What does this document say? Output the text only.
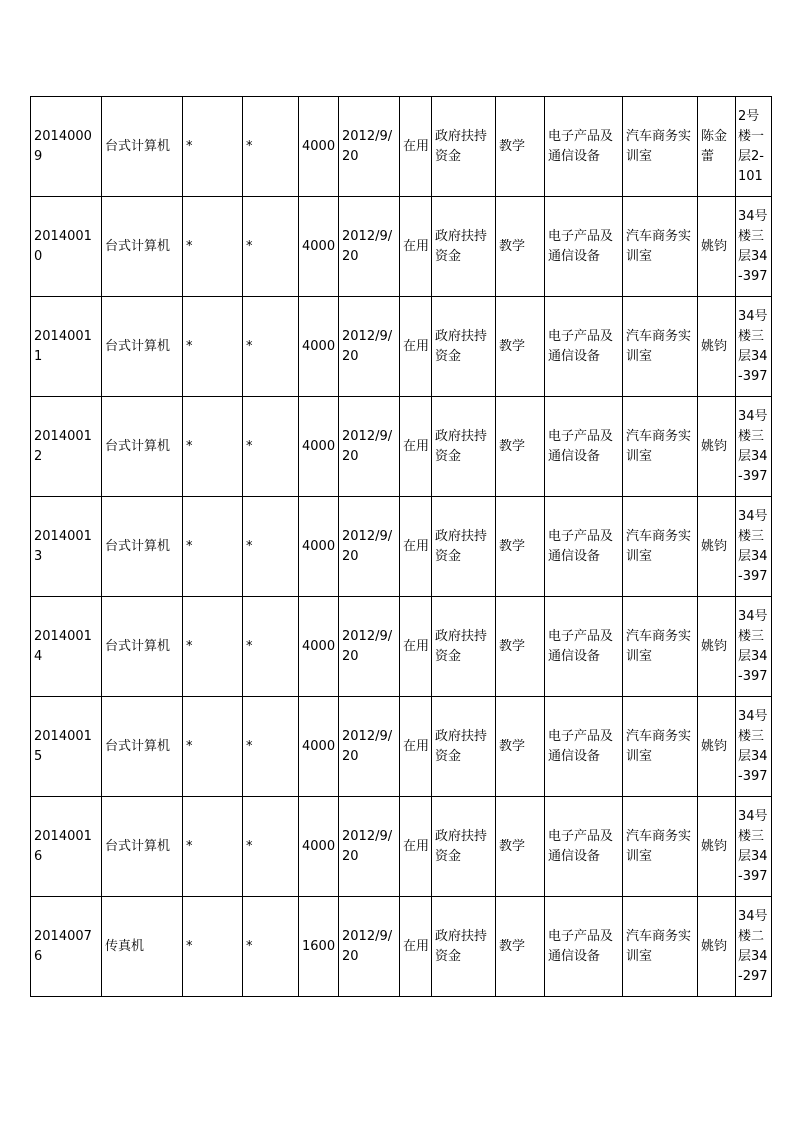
20140009	台式计算机	*	*	4000	2012/9/20	在用	政府扶持资金	教学	电子产品及通信设备	汽车商务实训室	陈金蕾	2号楼一层2-101
20140010	台式计算机	*	*	4000	2012/9/20	在用	政府扶持资金	教学	电子产品及通信设备	汽车商务实训室	姚钧	34号楼三层34-397
20140011	台式计算机	*	*	4000	2012/9/20	在用	政府扶持资金	教学	电子产品及通信设备	汽车商务实训室	姚钧	34号楼三层34-397
20140012	台式计算机	*	*	4000	2012/9/20	在用	政府扶持资金	教学	电子产品及通信设备	汽车商务实训室	姚钧	34号楼三层34-397
20140013	台式计算机	*	*	4000	2012/9/20	在用	政府扶持资金	教学	电子产品及通信设备	汽车商务实训室	姚钧	34号楼三层34-397
20140014	台式计算机	*	*	4000	2012/9/20	在用	政府扶持资金	教学	电子产品及通信设备	汽车商务实训室	姚钧	34号楼三层34-397
20140015	台式计算机	*	*	4000	2012/9/20	在用	政府扶持资金	教学	电子产品及通信设备	汽车商务实训室	姚钧	34号楼三层34-397
20140016	台式计算机	*	*	4000	2012/9/20	在用	政府扶持资金	教学	电子产品及通信设备	汽车商务实训室	姚钧	34号楼三层34-397
20140076	传真机	*	*	1600	2012/9/20	在用	政府扶持资金	教学	电子产品及通信设备	汽车商务实训室	姚钧	34号楼二层34-297
